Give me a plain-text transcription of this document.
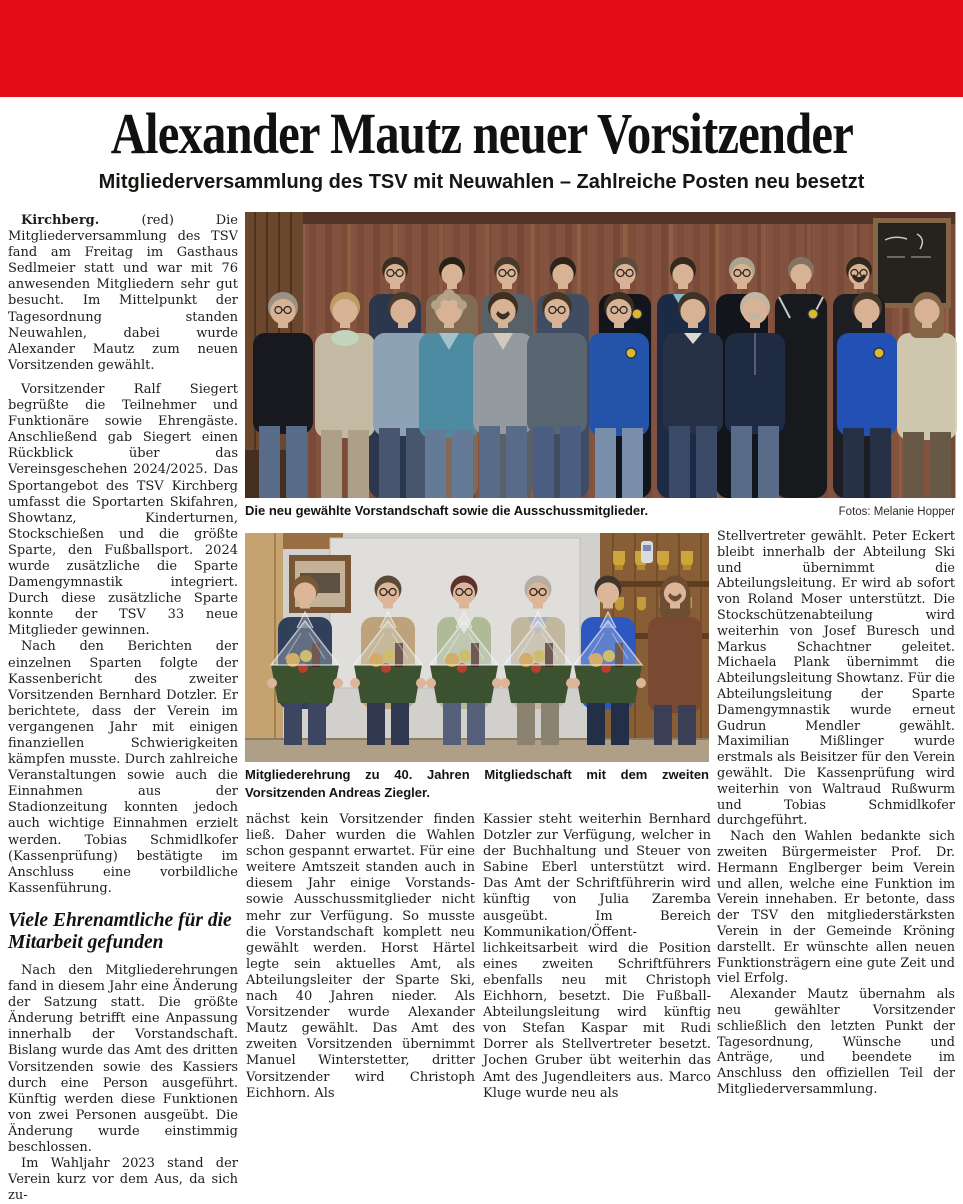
Alexander Mautz neuer Vorsitzender
Mitgliederversammlung des TSV mit Neuwahlen – Zahlreiche Posten neu besetzt
Die neu gewählte Vorstandschaft sowie die Ausschussmitglieder.	Fotos: Melanie Hopper
Mitgliederehrung zu 40. Jahren Mitgliedschaft mit dem zweiten Vorsitzenden Andreas Ziegler.

Kirchberg. (red) Die Mitgliederversammlung des TSV fand am Freitag im Gasthaus Sedlmeier statt und war mit 76 anwesenden Mitgliedern sehr gut besucht. Im Mittelpunkt der Tagesordnung standen Neuwahlen, dabei wurde Alexander Mautz zum neuen Vorsitzenden gewählt.

Vorsitzender Ralf Siegert begrüßte die Teilnehmer und Funktionäre sowie Ehrengäste. Anschließend gab Siegert einen Rückblick über das Vereinsgeschehen 2024/2025. Das Sportangebot des TSV Kirchberg umfasst die Sportarten Skifahren, Showtanz, Kinderturnen, Stockschießen und die größte Sparte, den Fußballsport. 2024 wurde zusätzliche die Sparte Damengymnastik integriert. Durch diese zusätzliche Sparte konnte der TSV 33 neue Mitglieder gewinnen.

Nach den Berichten der einzelnen Sparten folgte der Kassenbericht des zweiter Vorsitzenden Bernhard Dotzler. Er berichtete, dass der Verein im vergangenen Jahr mit einigen finanziellen Schwierigkeiten kämpfen musste. Durch zahlreiche Veranstaltungen sowie auch die Einnahmen aus der Stadionzeitung konnten jedoch auch wichtige Einnahmen erzielt werden. Tobias Schmidlkofer (Kassenprüfung) bestätigte im Anschluss eine vorbildliche Kassenführung.

Viele Ehrenamtliche für die Mitarbeit gefunden

Nach den Mitgliederehrungen fand in diesem Jahr eine Änderung der Satzung statt. Die größte Änderung betrifft eine Anpassung innerhalb der Vorstandschaft. Bislang wurde das Amt des dritten Vorsitzenden sowie des Kassiers durch eine Person ausgeführt. Künftig werden diese Funktionen von zwei Personen ausgeübt. Die Änderung wurde einstimmig beschlossen.

Im Wahljahr 2023 stand der Verein kurz vor dem Aus, da sich zu-

nächst kein Vorsitzender finden ließ. Daher wurden die Wahlen schon gespannt erwartet. Für eine weitere Amtszeit standen auch in diesem Jahr einige Vorstands- sowie Ausschussmitglieder nicht mehr zur Verfügung. So musste die Vorstandschaft komplett neu gewählt werden. Horst Härtel legte sein aktuelles Amt, als Abteilungsleiter der Sparte Ski, nach 40 Jahren nieder. Als Vorsitzender wurde Alexander Mautz gewählt. Das Amt des zweiten Vorsitzenden übernimmt Manuel Winterstetter, dritter Vorsitzender wird Christoph Eichhorn. Als

Kassier steht weiterhin Bernhard Dotzler zur Verfügung, welcher in der Buchhaltung und Steuer von Sabine Eberl unterstützt wird. Das Amt der Schriftführerin wird künftig von Julia Zaremba ausgeübt. Im Bereich Kommunikation/Öffentlichkeitsarbeit wird die Position eines zweiten Schriftführers ebenfalls neu mit Christoph Eichhorn, besetzt. Die Fußball-Abteilungsleitung wird künftig von Stefan Kaspar mit Rudi Dorrer als Stellvertreter besetzt. Jochen Gruber übt weiterhin das Amt des Jugendleiters aus. Marco Kluge wurde neu als

Stellvertreter gewählt. Peter Eckert bleibt innerhalb der Abteilung Ski und übernimmt die Abteilungsleitung. Er wird ab sofort von Roland Moser unterstützt. Die Stockschützenabteilung wird weiterhin von Josef Buresch und Markus Schachtner geleitet. Michaela Plank übernimmt die Abteilungsleitung Showtanz. Für die Abteilungsleitung der Sparte Damengymnastik wurde erneut Gudrun Mendler gewählt. Maximilian Mißlinger wurde erstmals als Beisitzer für den Verein gewählt. Die Kassenprüfung wird weiterhin von Waltraud Rußwurm und Tobias Schmidlkofer durchgeführt.

Nach den Wahlen bedankte sich zweiten Bürgermeister Prof. Dr. Hermann Englberger beim Verein und allen, welche eine Funktion im Verein innehaben. Er betonte, dass der TSV den mitgliederstärksten Verein in der Gemeinde Kröning darstellt. Er wünschte allen neuen Funktionsträgern eine gute Zeit und viel Erfolg.

Alexander Mautz übernahm als neu gewählter Vorsitzender schließlich den letzten Punkt der Tagesordnung, Wünsche und Anträge, und beendete im Anschluss den offiziellen Teil der Mitgliederversammlung.
